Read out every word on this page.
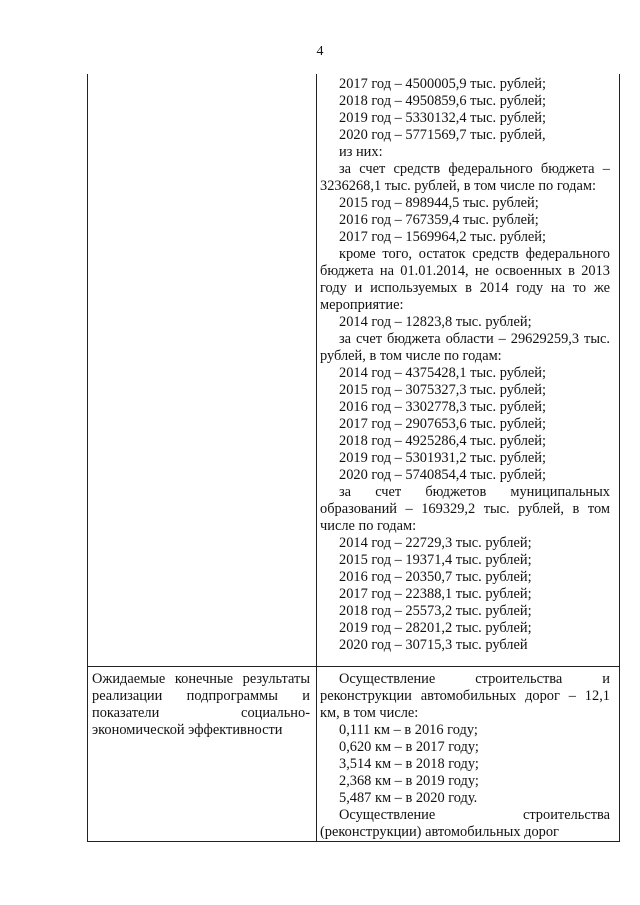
4

2017 год – 4500005,9 тыс. рублей;

2018 год – 4950859,6 тыс. рублей;

2019 год – 5330132,4 тыс. рублей;

2020 год – 5771569,7 тыс. рублей,

из них:

за счет средств федерального бюджета – 3236268,1 тыс. рублей, в том числе по годам:

2015 год – 898944,5 тыс. рублей;

2016 год – 767359,4 тыс. рублей;

2017 год – 1569964,2 тыс. рублей;

кроме того, остаток средств федерального бюджета на 01.01.2014, не освоенных в 2013 году и используемых в 2014 году на то же мероприятие:

2014 год – 12823,8 тыс. рублей;

за счет бюджета области – 29629259,3 тыс. рублей, в том числе по годам:

2014 год – 4375428,1 тыс. рублей;

2015 год – 3075327,3 тыс. рублей;

2016 год – 3302778,3 тыс. рублей;

2017 год – 2907653,6 тыс. рублей;

2018 год – 4925286,4 тыс. рублей;

2019 год – 5301931,2 тыс. рублей;

2020 год – 5740854,4 тыс. рублей;

за счет бюджетов муниципальных образований – 169329,2 тыс. рублей, в том числе по годам:

2014 год – 22729,3 тыс. рублей;

2015 год – 19371,4 тыс. рублей;

2016 год – 20350,7 тыс. рублей;

2017 год – 22388,1 тыс. рублей;

2018 год – 25573,2 тыс. рублей;

2019 год – 28201,2 тыс. рублей;

2020 год – 30715,3 тыс. рублей

Ожидаемые конечные результаты реализации подпрограммы и показатели социально-экономической эффективности

Осуществление строительства и реконструкции автомобильных дорог – 12,1 км, в том числе:

0,111 км – в 2016 году;

0,620 км – в 2017 году;

3,514 км – в 2018 году;

2,368 км – в 2019 году;

5,487 км – в 2020 году.

Осуществление строительства (реконструкции) автомобильных дорог
